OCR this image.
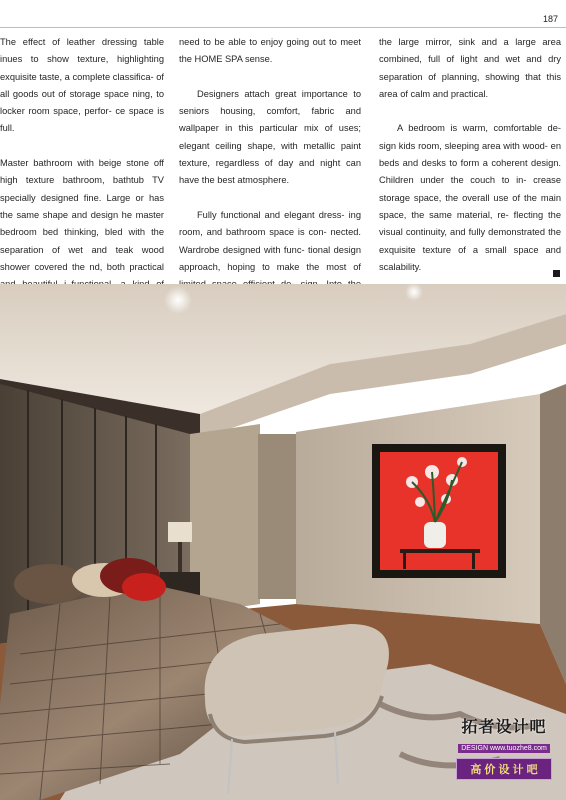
187

The effect of leather dressing table inues to show texture, highlighting exquisite taste, a complete classifica- of all goods out of storage space ning, to locker room space, perfor- ce space is full.

Master bathroom with beige stone off high texture bathroom, bathtub TV specially designed fine. Large or has the same shape and design he master bedroom bed thinking, bled with the separation of wet and teak wood shower covered the nd, both practical

need to be able to enjoy going out to meet the HOME SPA sense.

Designers attach great importance to seniors housing, comfort, fabric and wallpaper in this particular mix of uses; elegant ceiling shape, with metallic paint texture, regardless of day and night can have the best atmosphere.

Fully functional and elegant dress- ing room, and bathroom space is con- nected. Wardrobe designed with func- tional design approach, hoping to make the most of

the large mirror, sink and a large area combined, full of light and wet and dry separation of planning, showing that this area of calm and practical.

A bedroom is warm, comfortable de- sign kids room, sleeping area with wood- en beds and desks to form a coherent design. Children under the couch to in- crease storage space, the overall use of the main space, the same material, re- flecting the visual continuity, and fully demonstrated the exquisite texture of a small space and scalability.

拓者设计吧
DESIGN www.tuozhe8.com
高 价 设 计 吧
